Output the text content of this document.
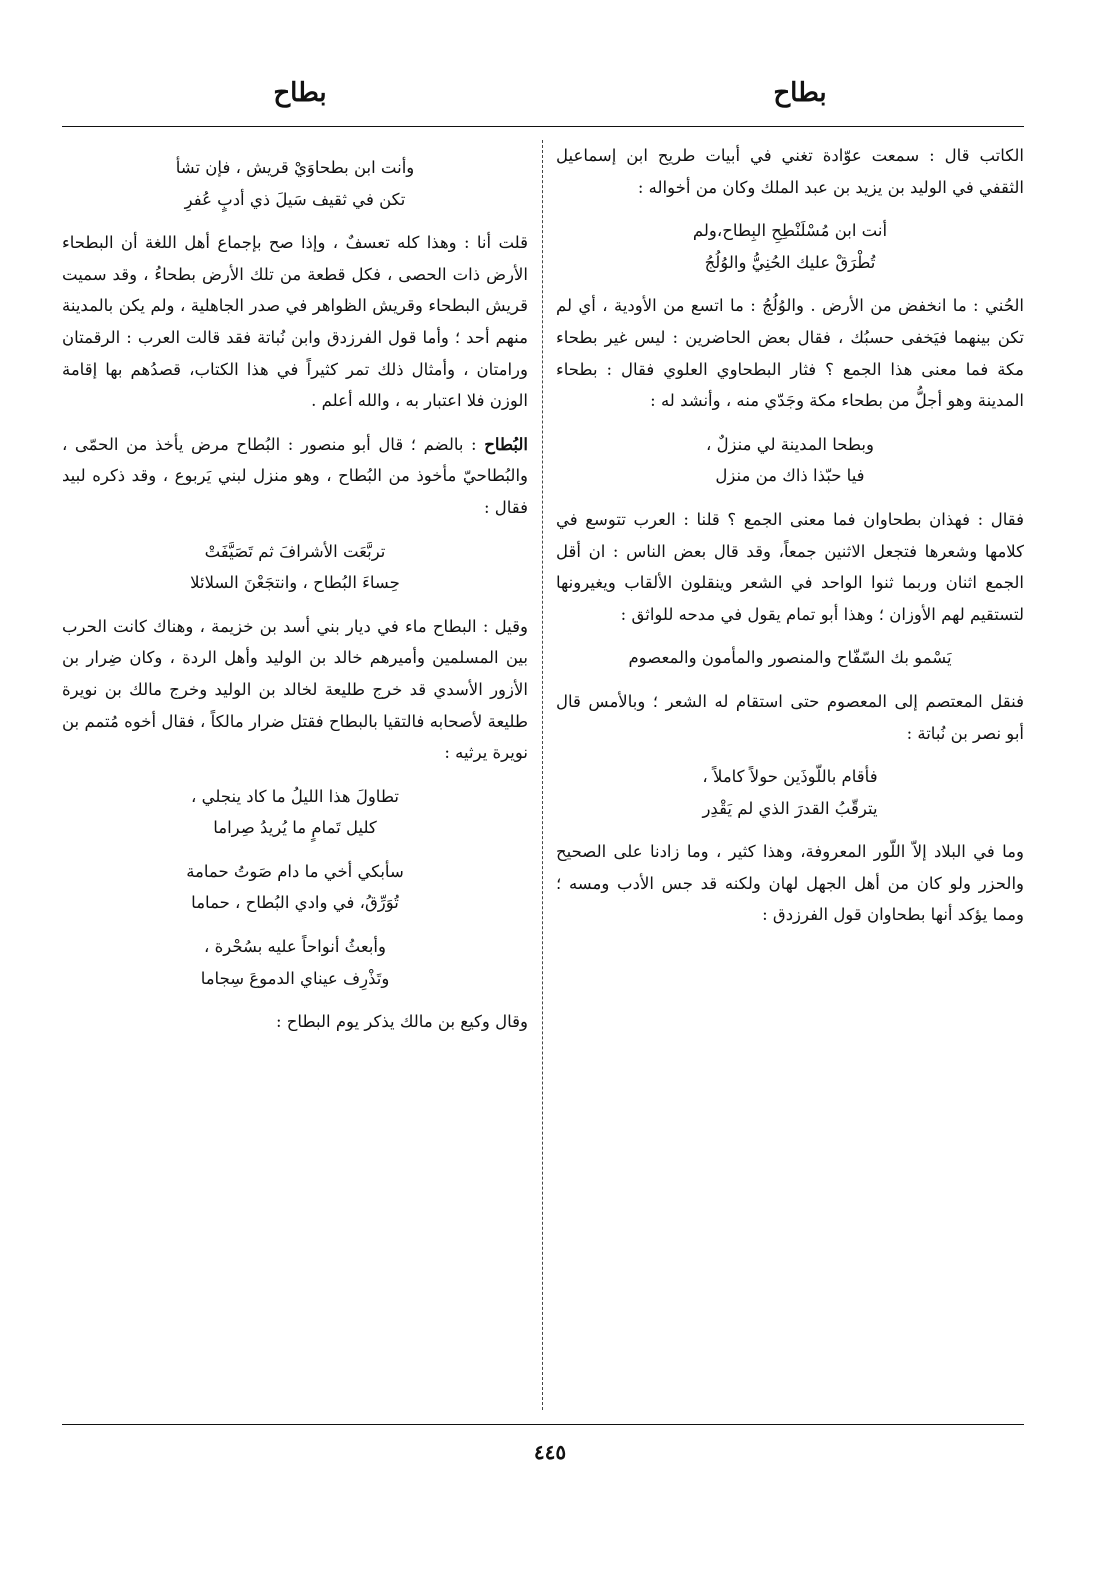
بطاح
بطاح

الكاتب قال : سمعت عوّادة تغني في أبيات طريح ابن إسماعيل الثقفي في الوليد بن يزيد بن عبد الملك وكان من أخواله :

أنت ابن مُسْلَنْطِحِ البِطاح،ولم
تُطْرَقْ عليك الحُنِيُّ والوُلُجُ

الحُني : ما انخفض من الأرض . والوُلُجُ : ما اتسع من الأودية ، أي لم تكن بينهما فيَخفى حسبُك ، فقال بعض الحاضرين : ليس غير بطحاء مكة فما معنى هذا الجمع ؟ فثار البطحاوي العلوي فقال : بطحاء المدينة وهو أجلُّ من بطحاء مكة وجَدّي منه ، وأنشد له :

وبطحا المدينة لي منزلٌ ،
فيا حبّذا ذاك من منزل

فقال : فهذان بطحاوان فما معنى الجمع ؟ قلنا : العرب تتوسع في كلامها وشعرها فتجعل الاثنين جمعاً، وقد قال بعض الناس : ان أقل الجمع اثنان وربما ثنوا الواحد في الشعر وينقلون الألقاب ويغيرونها لتستقيم لهم الأوزان ؛ وهذا أبو تمام يقول في مدحه للواثق :

يَسْمو بك السّفّاح والمنصور والمأمون والمعصوم

فنقل المعتصم إلى المعصوم حتى استقام له الشعر ؛ وبالأمس قال أبو نصر بن نُباتة :

فأقام باللّوذَين حولاً كاملاً ،
يترقّبُ القدرَ الذي لم يَقْدِر

وما في البلاد إلاّ اللّور المعروفة، وهذا كثير ، وما زادنا على الصحيح والحزر ولو كان من أهل الجهل لهان ولكنه قد جس الأدب ومسه ؛ ومما يؤكد أنها بطحاوان قول الفرزدق :

وأنت ابن بطحاوَيْ قريش ، فإن تشأ
تكن في ثقيف سَيلَ ذي أدبٍ عُفرِ

قلت أنا : وهذا كله تعسفٌ ، وإذا صح بإجماع أهل اللغة أن البطحاء الأرض ذات الحصى ، فكل قطعة من تلك الأرض بطحاءُ ، وقد سميت قريش البطحاء وقريش الظواهر في صدر الجاهلية ، ولم يكن بالمدينة منهم أحد ؛ وأما قول الفرزدق وابن نُباتة فقد قالت العرب : الرقمتان ورامتان ، وأمثال ذلك تمر كثيراً في هذا الكتاب، قصدُهم بها إقامة الوزن فلا اعتبار به ، والله أعلم .

البُطاح : بالضم ؛ قال أبو منصور : البُطاح مرض يأخذ من الحمّى ، والبُطاحيّ مأخوذ من البُطاح ، وهو منزل لبني يَربوع ، وقد ذكره لبيد فقال :

تربَّعَت الأشرافَ ثم تَصَيَّفَتْ
حِساءَ البُطاح ، وانتجَعْنَ السلائلا

وقيل : البطاح ماء في ديار بني أسد بن خزيمة ، وهناك كانت الحرب بين المسلمين وأميرهم خالد بن الوليد وأهل الردة ، وكان ضِرار بن الأزور الأسدي قد خرج طليعة لخالد بن الوليد وخرج مالك بن نويرة طليعة لأصحابه فالتقيا بالبطاح فقتل ضرار مالكاً ، فقال أخوه مُتمم بن نويرة يرثيه :

تطاولَ هذا الليلُ ما كاد ينجلي ،
كليل تَمامٍ ما يُريدُ صِراما
سأبكي أخي ما دام صَوتُ حمامة
تُوَرِّقُ، في وادي البُطاح ، حماما
وأبعثُ أنواحاً عليه بسُحْرة ،
وتَذْرِف عيناي الدموعَ سِجاما

وقال وكيع بن مالك يذكر يوم البطاح :

٤٤٥
